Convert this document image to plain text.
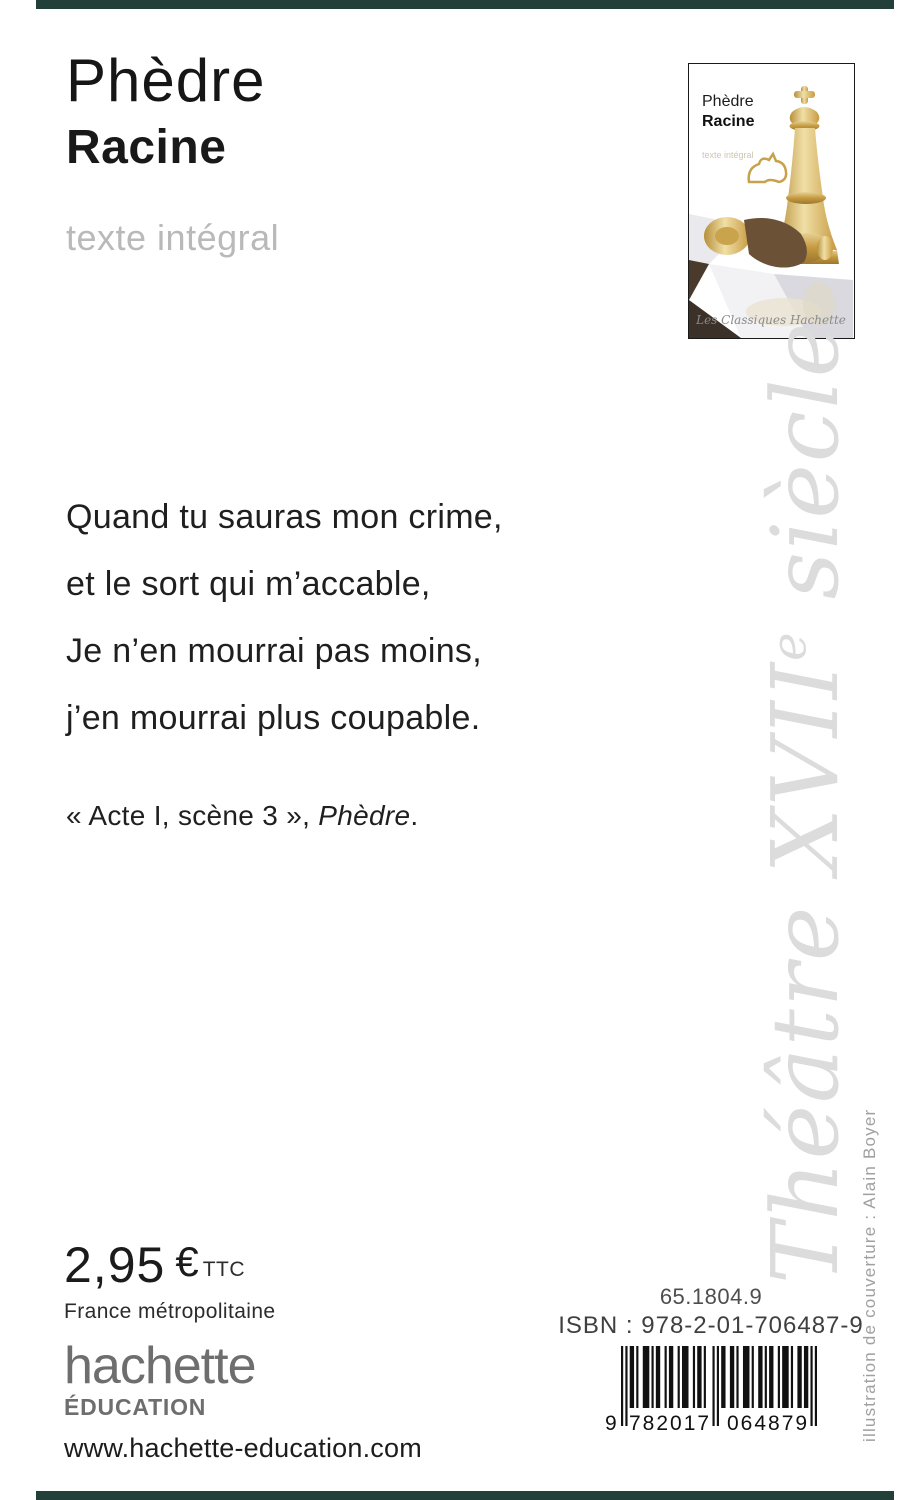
Phèdre
Racine
texte intégral
Phèdre
Racine
texte intégral
Les Classiques Hachette
Quand tu sauras mon crime,
et le sort qui m’accable,
Je n’en mourrai pas moins,
j’en mourrai plus coupable.
« Acte I, scène 3 », Phèdre.	Théâtre XVIIe siècle
illustration de couverture : Alain Boyer
2,95 € TTC
France métropolitaine
hachette
ÉDUCATION
www.hachette-education.com
65.1804.9
ISBN : 978-2-01-706487-9
9 782017 064879
